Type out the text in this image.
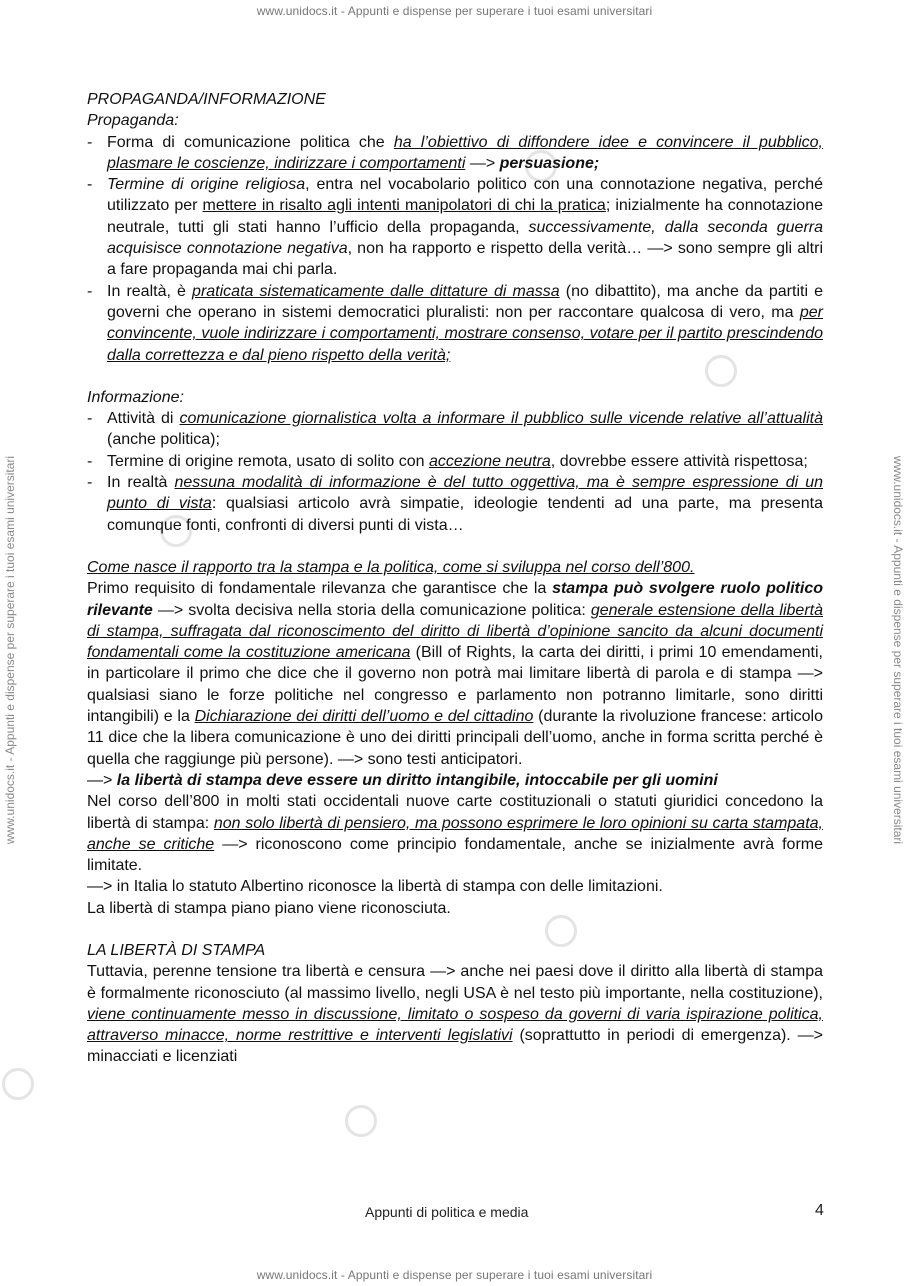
www.unidocs.it - Appunti e dispense per superare i tuoi esami universitari
www.unidocs.it - Appunti e dispense per superare i tuoi esami universitari
www.unidocs.it - Appunti e dispense per superare i tuoi esami universitari	www.unidocs.it - Appunti e dispense per superare i tuoi esami universitari

PROPAGANDA/INFORMAZIONE

Propaganda:

- Forma di comunicazione politica che ha l’obiettivo di diffondere idee e convincere il pubblico, plasmare le coscienze, indirizzare i comportamenti —> persuasione;

- Termine di origine religiosa, entra nel vocabolario politico con una connotazione negativa, perché utilizzato per mettere in risalto agli intenti manipolatori di chi la pratica; inizialmente ha connotazione neutrale, tutti gli stati hanno l’ufficio della propaganda, successivamente, dalla seconda guerra acquisisce connotazione negativa, non ha rapporto e rispetto della verità… —> sono sempre gli altri a fare propaganda mai chi parla.

- In realtà, è praticata sistematicamente dalle dittature di massa (no dibattito), ma anche da partiti e governi che operano in sistemi democratici pluralisti: non per raccontare qualcosa di vero, ma per convincente, vuole indirizzare i comportamenti, mostrare consenso, votare per il partito prescindendo dalla correttezza e dal pieno rispetto della verità;

Informazione:

- Attività di comunicazione giornalistica volta a informare il pubblico sulle vicende relative all’attualità (anche politica);

- Termine di origine remota, usato di solito con accezione neutra, dovrebbe essere attività rispettosa;

- In realtà nessuna modalità di informazione è del tutto oggettiva, ma è sempre espressione di un punto di vista: qualsiasi articolo avrà simpatie, ideologie tendenti ad una parte, ma presenta comunque fonti, confronti di diversi punti di vista…

Come nasce il rapporto tra la stampa e la politica, come si sviluppa nel corso dell’800.

Primo requisito di fondamentale rilevanza che garantisce che la stampa può svolgere ruolo politico rilevante —> svolta decisiva nella storia della comunicazione politica: generale estensione della libertà di stampa, suffragata dal riconoscimento del diritto di libertà d’opinione sancito da alcuni documenti fondamentali come la costituzione americana (Bill of Rights, la carta dei diritti, i primi 10 emendamenti, in particolare il primo che dice che il governo non potrà mai limitare libertà di parola e di stampa —> qualsiasi siano le forze politiche nel congresso e parlamento non potranno limitarle, sono diritti intangibili) e la Dichiarazione dei diritti dell’uomo e del cittadino (durante la rivoluzione francese: articolo 11 dice che la libera comunicazione è uno dei diritti principali dell’uomo, anche in forma scritta perché è quella che raggiunge più persone). —> sono testi anticipatori.

—> la libertà di stampa deve essere un diritto intangibile, intoccabile per gli uomini

Nel corso dell’800 in molti stati occidentali nuove carte costituzionali o statuti giuridici concedono la libertà di stampa: non solo libertà di pensiero, ma possono esprimere le loro opinioni su carta stampata, anche se critiche —> riconoscono come principio fondamentale, anche se inizialmente avrà forme limitate.

—> in Italia lo statuto Albertino riconosce la libertà di stampa con delle limitazioni.

La libertà di stampa piano piano viene riconosciuta.

LA LIBERTÀ DI STAMPA

Tuttavia, perenne tensione tra libertà e censura —> anche nei paesi dove il diritto alla libertà di stampa è formalmente riconosciuto (al massimo livello, negli USA è nel testo più importante, nella costituzione), viene continuamente messo in discussione, limitato o sospeso da governi di varia ispirazione politica, attraverso minacce, norme restrittive e interventi legislativi (soprattutto in periodi di emergenza). —> minacciati e licenziati

Appunti di politica e media	4
